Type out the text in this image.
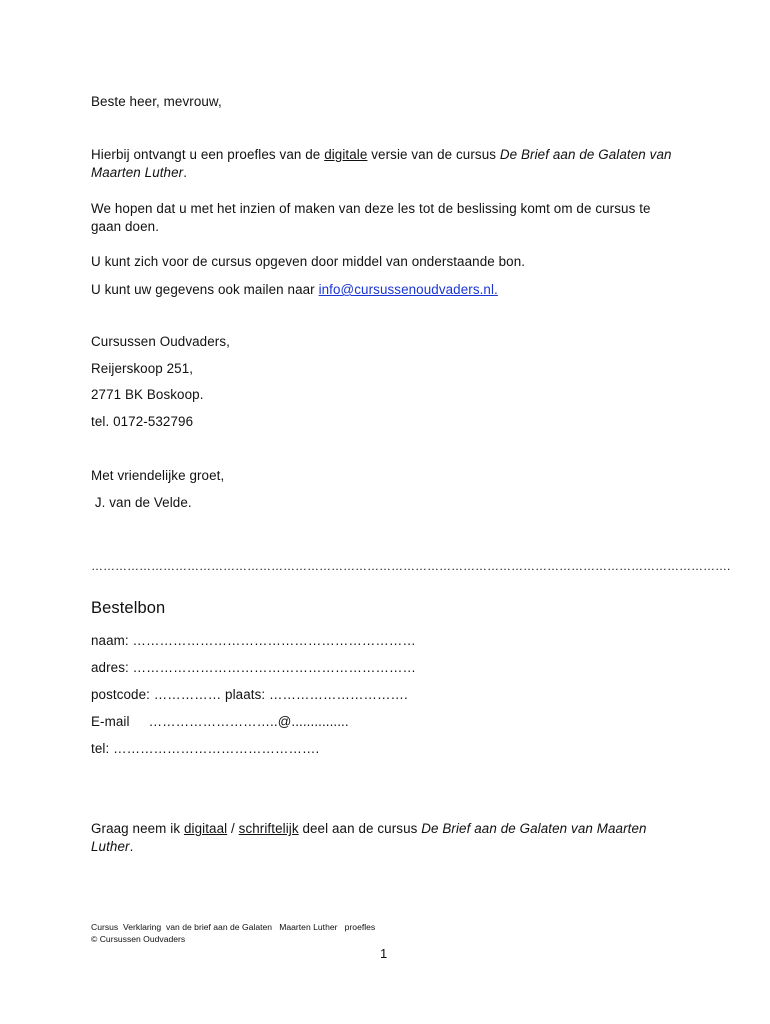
Beste heer, mevrouw,
Hierbij ontvangt u een proefles van de digitale versie van de cursus De Brief aan de Galaten van Maarten Luther.
We hopen dat u met het inzien of maken van deze les tot de beslissing komt om de cursus te gaan doen.
U kunt zich voor de cursus opgeven door middel van onderstaande bon.
U kunt uw gegevens ook mailen naar info@cursussenoudvaders.nl.
Cursussen Oudvaders,
Reijerskoop 251,
2771 BK Boskoop.
tel. 0172-532796
Met vriendelijke groet,
J. van de Velde.
…………………………………………………………………………………………………………………………………………….
Bestelbon
naam: ………………………………………………………
adres: ………………………………………………………
postcode: …………… plaats: ………………………….
E-mail     ………………………..@...............
tel: ……………………………………….
Graag neem ik digitaal / schriftelijk deel aan de cursus De Brief aan de Galaten van Maarten Luther.
Cursus  Verklaring  van de brief aan de Galaten   Maarten Luther   proefles
© Cursussen Oudvaders
1
